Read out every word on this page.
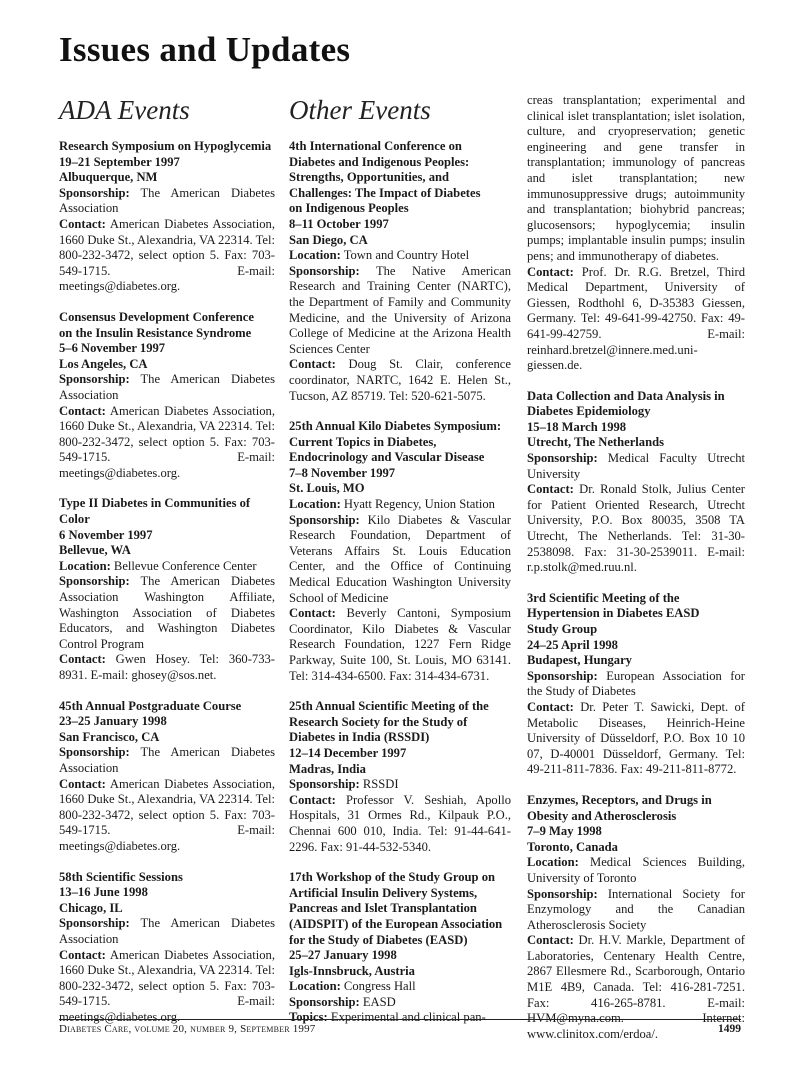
Issues and Updates
ADA Events
Research Symposium on Hypoglycemia
19–21 September 1997
Albuquerque, NM
Sponsorship: The American Diabetes Association
Contact: American Diabetes Association, 1660 Duke St., Alexandria, VA 22314. Tel: 800-232-3472, select option 5. Fax: 703-549-1715. E-mail: meetings@diabetes.org.
Consensus Development Conference
on the Insulin Resistance Syndrome
5–6 November 1997
Los Angeles, CA
Sponsorship: The American Diabetes Association
Contact: American Diabetes Association, 1660 Duke St., Alexandria, VA 22314. Tel: 800-232-3472, select option 5. Fax: 703-549-1715. E-mail: meetings@diabetes.org.
Type II Diabetes in Communities of
Color
6 November 1997
Bellevue, WA
Location: Bellevue Conference Center
Sponsorship: The American Diabetes Association Washington Affiliate, Washington Association of Diabetes Educators, and Washington Diabetes Control Program
Contact: Gwen Hosey. Tel: 360-733-8931. E-mail: ghosey@sos.net.
45th Annual Postgraduate Course
23–25 January 1998
San Francisco, CA
Sponsorship: The American Diabetes Association
Contact: American Diabetes Association, 1660 Duke St., Alexandria, VA 22314. Tel: 800-232-3472, select option 5. Fax: 703-549-1715. E-mail: meetings@diabetes.org.
58th Scientific Sessions
13–16 June 1998
Chicago, IL
Sponsorship: The American Diabetes Association
Contact: American Diabetes Association, 1660 Duke St., Alexandria, VA 22314. Tel: 800-232-3472, select option 5. Fax: 703-549-1715. E-mail: meetings@diabetes.org.
Other Events
4th International Conference on
Diabetes and Indigenous Peoples:
Strengths, Opportunities, and
Challenges: The Impact of Diabetes
on Indigenous Peoples
8–11 October 1997
San Diego, CA
Location: Town and Country Hotel
Sponsorship: The Native American Research and Training Center (NARTC), the Department of Family and Community Medicine, and the University of Arizona College of Medicine at the Arizona Health Sciences Center
Contact: Doug St. Clair, conference coordinator, NARTC, 1642 E. Helen St., Tucson, AZ 85719. Tel: 520-621-5075.
25th Annual Kilo Diabetes Symposium:
Current Topics in Diabetes,
Endocrinology and Vascular Disease
7–8 November 1997
St. Louis, MO
Location: Hyatt Regency, Union Station
Sponsorship: Kilo Diabetes & Vascular Research Foundation, Department of Veterans Affairs St. Louis Education Center, and the Office of Continuing Medical Education Washington University School of Medicine
Contact: Beverly Cantoni, Symposium Coordinator, Kilo Diabetes & Vascular Research Foundation, 1227 Fern Ridge Parkway, Suite 100, St. Louis, MO 63141. Tel: 314-434-6500. Fax: 314-434-6731.
25th Annual Scientific Meeting of the
Research Society for the Study of
Diabetes in India (RSSDI)
12–14 December 1997
Madras, India
Sponsorship: RSSDI
Contact: Professor V. Seshiah, Apollo Hospitals, 31 Ormes Rd., Kilpauk P.O., Chennai 600 010, India. Tel: 91-44-641-2296. Fax: 91-44-532-5340.
17th Workshop of the Study Group on
Artificial Insulin Delivery Systems,
Pancreas and Islet Transplantation
(AIDSPIT) of the European Association
for the Study of Diabetes (EASD)
25–27 January 1998
Igls-Innsbruck, Austria
Location: Congress Hall
Sponsorship: EASD
Topics: Experimental and clinical pan-
creas transplantation; experimental and clinical islet transplantation; islet isolation, culture, and cryopreservation; genetic engineering and gene transfer in transplantation; immunology of pancreas and islet transplantation; new immunosuppressive drugs; autoimmunity and transplantation; biohybrid pancreas; glucosensors; hypoglycemia; insulin pumps; implantable insulin pumps; insulin pens; and immunotherapy of diabetes.
Contact: Prof. Dr. R.G. Bretzel, Third Medical Department, University of Giessen, Rodthohl 6, D-35383 Giessen, Germany. Tel: 49-641-99-42750. Fax: 49-641-99-42759. E-mail: reinhard.bretzel@innere.med.uni-giessen.de.
Data Collection and Data Analysis in
Diabetes Epidemiology
15–18 March 1998
Utrecht, The Netherlands
Sponsorship: Medical Faculty Utrecht University
Contact: Dr. Ronald Stolk, Julius Center for Patient Oriented Research, Utrecht University, P.O. Box 80035, 3508 TA Utrecht, The Netherlands. Tel: 31-30-2538098. Fax: 31-30-2539011. E-mail: r.p.stolk@med.ruu.nl.
3rd Scientific Meeting of the
Hypertension in Diabetes EASD
Study Group
24–25 April 1998
Budapest, Hungary
Sponsorship: European Association for the Study of Diabetes
Contact: Dr. Peter T. Sawicki, Dept. of Metabolic Diseases, Heinrich-Heine University of Düsseldorf, P.O. Box 10 10 07, D-40001 Düsseldorf, Germany. Tel: 49-211-811-7836. Fax: 49-211-811-8772.
Enzymes, Receptors, and Drugs in
Obesity and Atherosclerosis
7–9 May 1998
Toronto, Canada
Location: Medical Sciences Building, University of Toronto
Sponsorship: International Society for Enzymology and the Canadian Atherosclerosis Society
Contact: Dr. H.V. Markle, Department of Laboratories, Centenary Health Centre, 2867 Ellesmere Rd., Scarborough, Ontario M1E 4B9, Canada. Tel: 416-281-7251. Fax: 416-265-8781. E-mail: HVM@myna.com. Internet: www.clinitox.com/erdoa/.
Diabetes Care, volume 20, number 9, September 1997	1499
